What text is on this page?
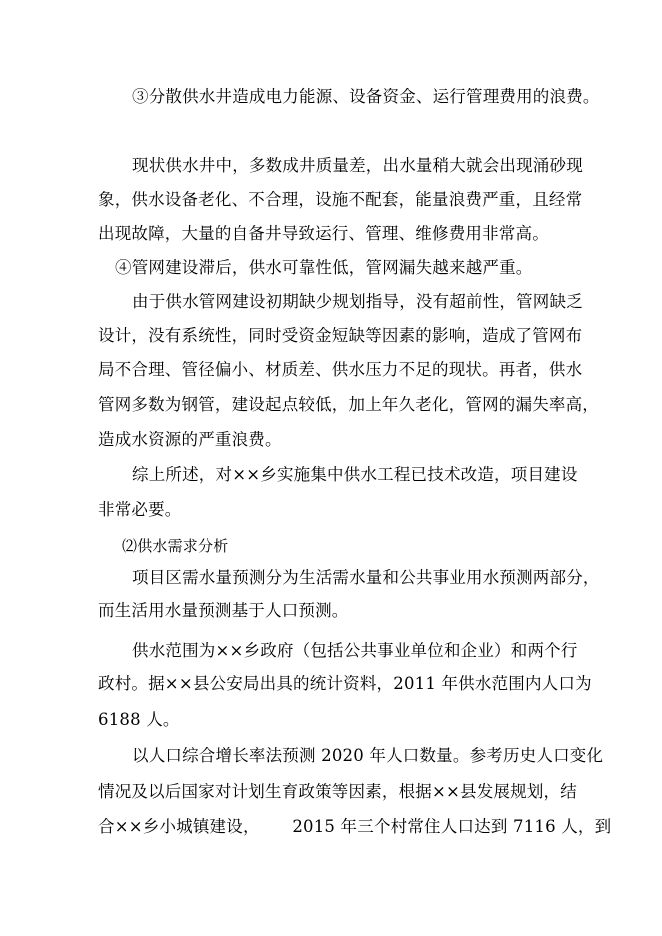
③分散供水井造成电力能源、设备资金、运行管理费用的浪费。
现状供水井中，多数成井质量差，出水量稍大就会出现涌砂现
象，供水设备老化、不合理，设施不配套，能量浪费严重，且经常
出现故障，大量的自备井导致运行、管理、维修费用非常高。
④管网建设滞后，供水可靠性低，管网漏失越来越严重。
由于供水管网建设初期缺少规划指导，没有超前性，管网缺乏
设计，没有系统性，同时受资金短缺等因素的影响，造成了管网布
局不合理、管径偏小、材质差、供水压力不足的现状。再者，供水
管网多数为钢管，建设起点较低，加上年久老化，管网的漏失率高，
造成水资源的严重浪费。
综上所述，对××乡实施集中供水工程已技术改造，项目建设
非常必要。
⑵供水需求分析
项目区需水量预测分为生活需水量和公共事业用水预测两部分，
而生活用水量预测基于人口预测。
供水范围为××乡政府（包括公共事业单位和企业）和两个行
政村。据××县公安局出具的统计资料，2011 年供水范围内人口为
6188 人。
以人口综合增长率法预测 2020 年人口数量。参考历史人口变化
情况及以后国家对计划生育政策等因素，根据××县发展规划，结
合××乡小城镇建设，      2015 年三个村常住人口达到 7116 人，到
